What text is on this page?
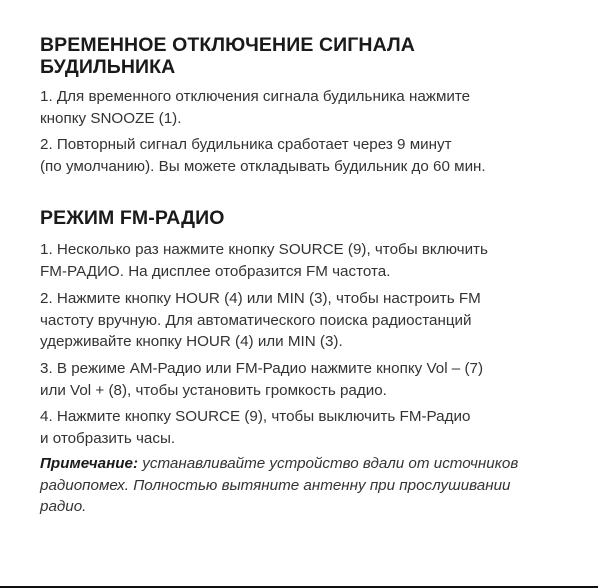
ВРЕМЕННОЕ ОТКЛЮЧЕНИЕ СИГНАЛА
БУДИЛЬНИКА

1. Для временного отключения сигнала будильника нажмите
кнопку SNOOZE (1).

2. Повторный сигнал будильника сработает через 9 минут
(по умолчанию). Вы можете откладывать будильник до 60 мин.

РЕЖИМ FM-РАДИО

1. Несколько раз нажмите кнопку SOURCE (9), чтобы включить
FM-РАДИО. На дисплее отобразится FM частота.

2. Нажмите кнопку HOUR (4) или MIN (3), чтобы настроить FM
частоту вручную. Для автоматического поиска радиостанций
удерживайте кнопку HOUR (4) или MIN (3).

3. В режиме АМ-Радио или FM-Радио нажмите кнопку Vol – (7)
или Vol + (8), чтобы установить громкость радио.

4. Нажмите кнопку SOURCE (9), чтобы выключить FM-Радио
и отобразить часы.

Примечание: устанавливайте устройство вдали от источников
радиопомех. Полностью вытяните антенну при прослушивании
радио.
